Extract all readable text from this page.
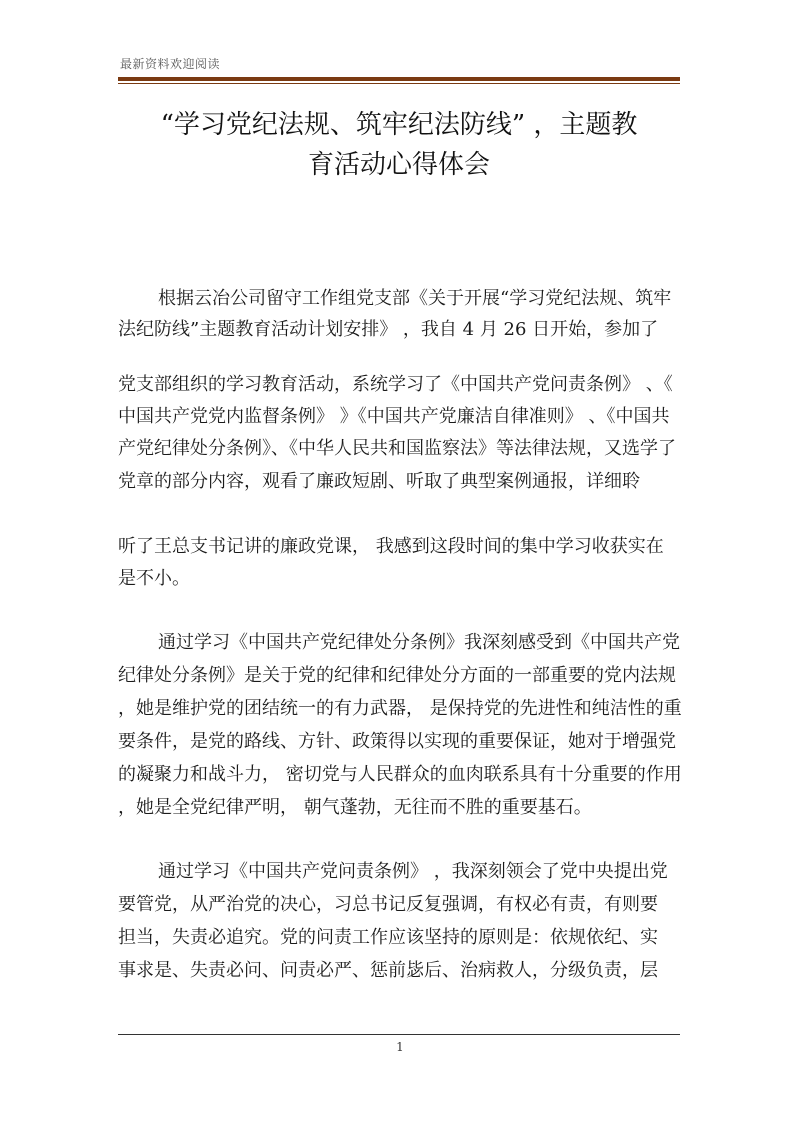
最新资料欢迎阅读
“学习党纪法规、筑牢纪法防线” ，主题教
育活动心得体会
根据云冶公司留守工作组党支部《关于开展“学习党纪法规、筑牢
法纪防线”主题教育活动计划安排》 ，我自 4 月 26 日开始，参加了
党支部组织的学习教育活动，系统学习了《中国共产党问责条例》 、《
中国共产党党内监督条例》 》《中国共产党廉洁自律准则》 、《中国共
产党纪律处分条例》、《中华人民共和国监察法》等法律法规，又选学了
党章的部分内容，观看了廉政短剧、听取了典型案例通报，详细聆
听了王总支书记讲的廉政党课， 我感到这段时间的集中学习收获实在
是不小。
通过学习《中国共产党纪律处分条例》我深刻感受到《中国共产党
纪律处分条例》是关于党的纪律和纪律处分方面的一部重要的党内法规
，她是维护党的团结统一的有力武器， 是保持党的先进性和纯洁性的重
要条件，是党的路线、方针、政策得以实现的重要保证，她对于增强党
的凝聚力和战斗力， 密切党与人民群众的血肉联系具有十分重要的作用
，她是全党纪律严明， 朝气蓬勃，无往而不胜的重要基石。
通过学习《中国共产党问责条例》 ，我深刻领会了党中央提出党
要管党，从严治党的决心，习总书记反复强调，有权必有责，有则要
担当，失责必追究。党的问责工作应该坚持的原则是：依规依纪、实
事求是、失责必问、问责必严、惩前毖后、治病救人，分级负责，层
1
